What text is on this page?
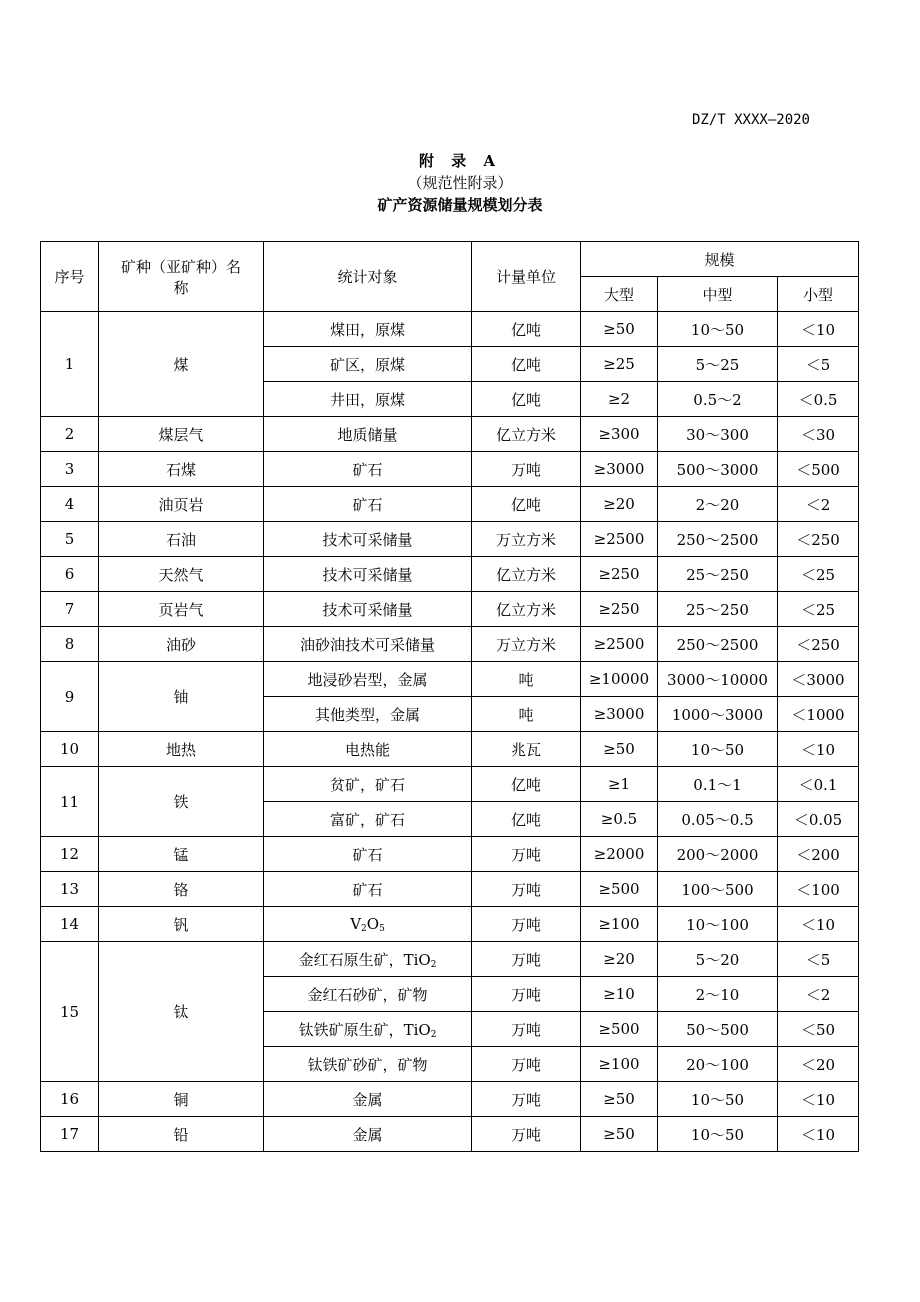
DZ/T XXXX—2020
附 录 A
（规范性附录）
矿产资源储量规模划分表
序号	矿种（亚矿种）名称	统计对象	计量单位	规模		
				大型	中型	小型
1	煤	煤田，原煤	亿吨	≥50	10～50	＜10
		矿区，原煤	亿吨	≥25	5～25	＜5
		井田，原煤	亿吨	≥2	0.5～2	＜0.5
2	煤层气	地质储量	亿立方米	≥300	30～300	＜30
3	石煤	矿石	万吨	≥3000	500～3000	＜500
4	油页岩	矿石	亿吨	≥20	2～20	＜2
5	石油	技术可采储量	万立方米	≥2500	250～2500	＜250
6	天然气	技术可采储量	亿立方米	≥250	25～250	＜25
7	页岩气	技术可采储量	亿立方米	≥250	25～250	＜25
8	油砂	油砂油技术可采储量	万立方米	≥2500	250～2500	＜250
9	铀	地浸砂岩型，金属	吨	≥10000	3000～10000	＜3000
		其他类型，金属	吨	≥3000	1000～3000	＜1000
10	地热	电热能	兆瓦	≥50	10～50	＜10
11	铁	贫矿，矿石	亿吨	≥1	0.1～1	＜0.1
		富矿，矿石	亿吨	≥0.5	0.05～0.5	＜0.05
12	锰	矿石	万吨	≥2000	200～2000	＜200
13	铬	矿石	万吨	≥500	100～500	＜100
14	钒	$V_2O_5$	万吨	≥100	10～100	＜10
15	钛	金红石原生矿，TiO$_2$	万吨	≥20	5～20	＜5
		金红石砂矿，矿物	万吨	≥10	2～10	＜2
		钛铁矿原生矿，TiO$_2$	万吨	≥500	50～500	＜50
		钛铁矿砂矿，矿物	万吨	≥100	20～100	＜20
16	铜	金属	万吨	≥50	10～50	＜10
17	铅	金属	万吨	≥50	10～50	＜10
